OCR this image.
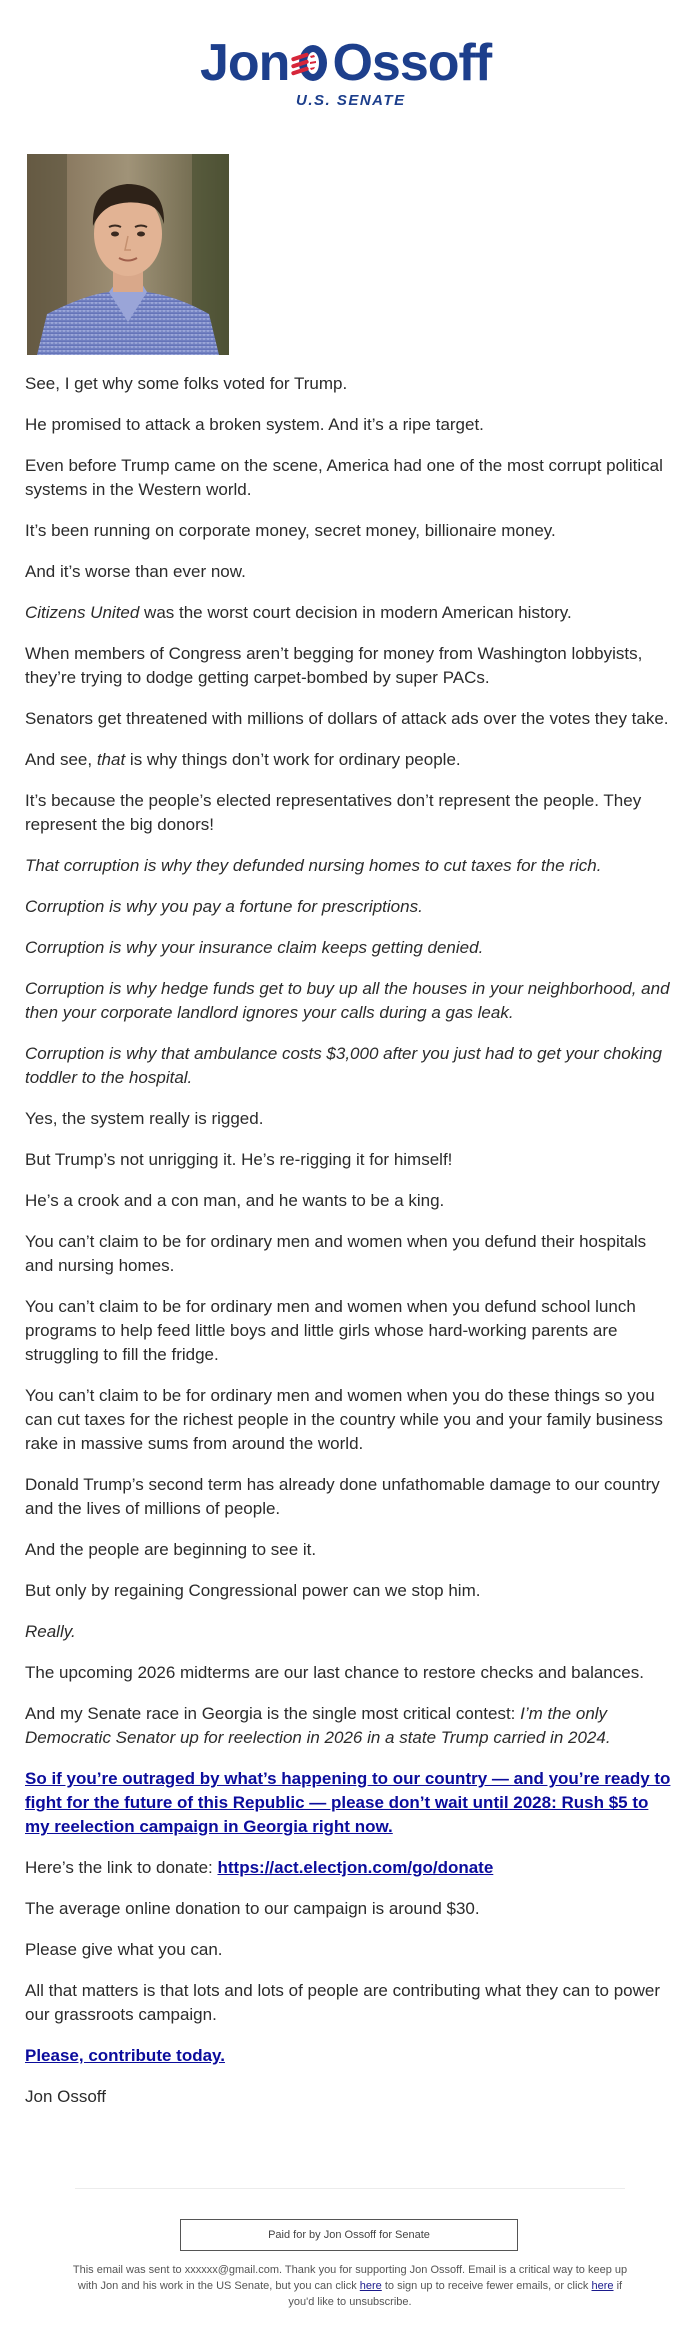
Jon Ossoff
U.S. SENATE

See, I get why some folks voted for Trump.

He promised to attack a broken system. And it’s a ripe target.

Even before Trump came on the scene, America had one of the most corrupt political systems in the Western world.

It’s been running on corporate money, secret money, billionaire money.

And it’s worse than ever now.

Citizens United was the worst court decision in modern American history.

When members of Congress aren’t begging for money from Washington lobbyists, they’re trying to dodge getting carpet-bombed by super PACs.

Senators get threatened with millions of dollars of attack ads over the votes they take.

And see, that is why things don’t work for ordinary people.

It’s because the people’s elected representatives don’t represent the people. They represent the big donors!

That corruption is why they defunded nursing homes to cut taxes for the rich.

Corruption is why you pay a fortune for prescriptions.

Corruption is why your insurance claim keeps getting denied.

Corruption is why hedge funds get to buy up all the houses in your neighborhood, and then your corporate landlord ignores your calls during a gas leak.

Corruption is why that ambulance costs $3,000 after you just had to get your choking toddler to the hospital.

Yes, the system really is rigged.

But Trump’s not unrigging it. He’s re-rigging it for himself!

He’s a crook and a con man, and he wants to be a king.

You can’t claim to be for ordinary men and women when you defund their hospitals and nursing homes.

You can’t claim to be for ordinary men and women when you defund school lunch programs to help feed little boys and little girls whose hard-working parents are struggling to fill the fridge.

You can’t claim to be for ordinary men and women when you do these things so you can cut taxes for the richest people in the country while you and your family business rake in massive sums from around the world.

Donald Trump’s second term has already done unfathomable damage to our country and the lives of millions of people.

And the people are beginning to see it.

But only by regaining Congressional power can we stop him.

Really.

The upcoming 2026 midterms are our last chance to restore checks and balances.

And my Senate race in Georgia is the single most critical contest: I’m the only Democratic Senator up for reelection in 2026 in a state Trump carried in 2024.

So if you’re outraged by what’s happening to our country — and you’re ready to fight for the future of this Republic — please don’t wait until 2028: Rush $5 to my reelection campaign in Georgia right now.

Here’s the link to donate: https://act.electjon.com/go/donate

The average online donation to our campaign is around $30.

Please give what you can.

All that matters is that lots and lots of people are contributing what they can to power our grassroots campaign.

Please, contribute today.

Jon Ossoff

Paid for by Jon Ossoff for Senate
This email was sent to xxxxxx@gmail.com. Thank you for supporting Jon Ossoff. Email is a critical way to keep up with Jon and his work in the US Senate, but you can click here to sign up to receive fewer emails, or click here if you'd like to unsubscribe.
